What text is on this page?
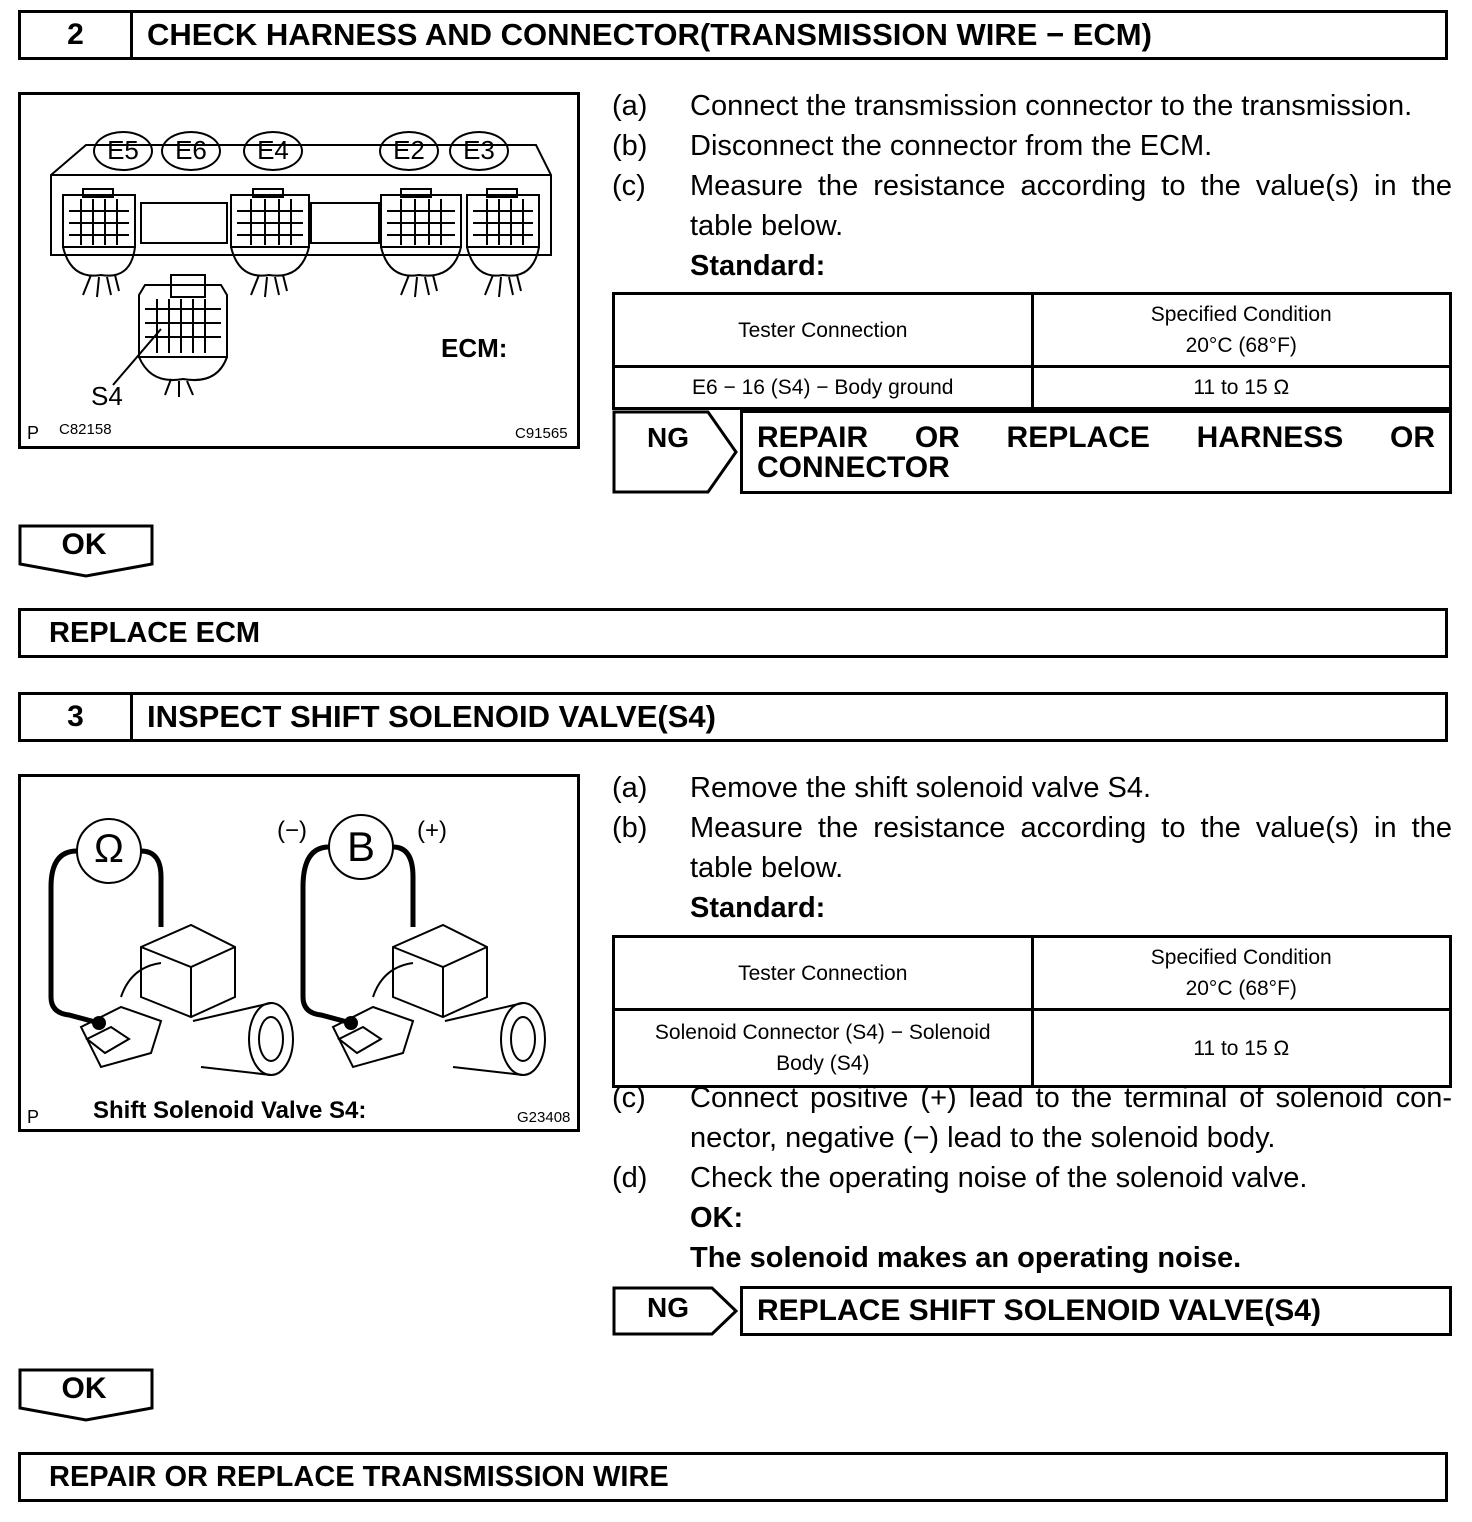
2	CHECK HARNESS AND CONNECTOR(TRANSMISSION WIRE − ECM)
E5	E6	E4	E2	E3
S4
ECM:
P C82158	C91565
(a) Connect the transmission connector to the transmission.
(b) Disconnect the connector from the ECM.
(c) Measure the resistance according to the value(s) in the table below.
Standard:
Tester Connection	Specified Condition
20°C (68°F)

E6 − 16 (S4) − Body ground	11 to 15 Ω
NG	REPAIR OR REPLACE HARNESS OR CONNECTOR
OK
REPLACE ECM
3	INSPECT SHIFT SOLENOID VALVE(S4)
Ω	B
(−)	(+)
P Shift Solenoid Valve S4:	G23408
(a) Remove the shift solenoid valve S4.
(b) Measure the resistance according to the value(s) in the table below.
Standard:
Tester Connection	Specified Condition
20°C (68°F)

Solenoid Connector (S4) − Solenoid Body (S4)	11 to 15 Ω
(c) Connect positive (+) lead to the terminal of solenoid con-nector, negative (−) lead to the solenoid body.
(d) Check the operating noise of the solenoid valve.
OK:
The solenoid makes an operating noise.
NG	REPLACE SHIFT SOLENOID VALVE(S4)
OK
REPAIR OR REPLACE TRANSMISSION WIRE
